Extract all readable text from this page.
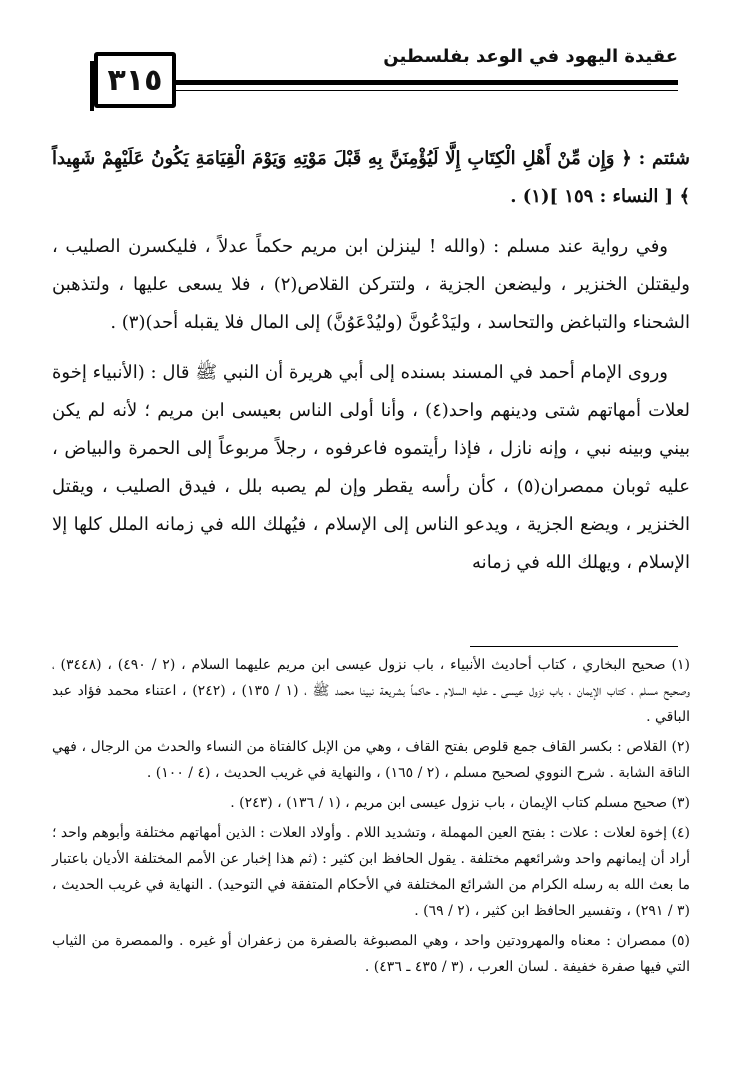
٣١٥
عقيدة اليهود في الوعد بفلسطين

شئتم : ﴿ وَإِن مِّنْ أَهْلِ الْكِتَابِ إِلَّا لَيُؤْمِنَنَّ بِهِ قَبْلَ مَوْتِهِ وَيَوْمَ الْقِيَامَةِ يَكُونُ عَلَيْهِمْ شَهِيداً ﴾ [ النساء : ١٥٩ ](١) .

وفي رواية عند مسلم : (والله ! لينزلن ابن مريم حكماً عدلاً ، فليكسرن الصليب ، وليقتلن الخنزير ، وليضعن الجزية ، ولتتركن القلاص(٢) ، فلا يسعى عليها ، ولتذهبن الشحناء والتباغض والتحاسد ، وليَدْعُونَّ (وليُدْعَوُنَّ) إلى المال فلا يقبله أحد)(٣) .

وروى الإمام أحمد في المسند بسنده إلى أبي هريرة أن النبي ﷺ قال : (الأنبياء إخوة لعلات أمهاتهم شتى ودينهم واحد(٤) ، وأنا أولى الناس بعيسى ابن مريم ؛ لأنه لم يكن بيني وبينه نبي ، وإنه نازل ، فإذا رأيتموه فاعرفوه ، رجلاً مربوعاً إلى الحمرة والبياض ، عليه ثوبان ممصران(٥) ، كأن رأسه يقطر وإن لم يصبه بلل ، فيدق الصليب ، ويقتل الخنزير ، ويضع الجزية ، ويدعو الناس إلى الإسلام ، فيُهلك الله في زمانه الملل كلها إلا الإسلام ، ويهلك الله في زمانه

(١) صحيح البخاري ، كتاب أحاديث الأنبياء ، باب نزول عيسى ابن مريم عليهما السلام ، (٢ / ٤٩٠) ، (٣٤٤٨) ، وصحيح مسلم ، كتاب الإيمان ، باب نزول عيسى ـ عليه السلام ـ حاكماً بشريعة نبينا محمد ﷺ ، (١ / ١٣٥) ، (٢٤٢) ، اعتناء محمد فؤاد عبد الباقي .

(٢) القلاص : بكسر القاف جمع قلوص بفتح القاف ، وهي من الإبل كالفتاة من النساء والحدث من الرجال ، فهي الناقة الشابة . شرح النووي لصحيح مسلم ، (٢ / ١٦٥) ، والنهاية في غريب الحديث ، (٤ / ١٠٠) .

(٣) صحيح مسلم كتاب الإيمان ، باب نزول عيسى ابن مريم ، (١ / ١٣٦) ، (٢٤٣) .

(٤) إخوة لعلات : علات : بفتح العين المهملة ، وتشديد اللام . وأولاد العلات : الذين أمهاتهم مختلفة وأبوهم واحد ؛ أراد أن إيمانهم واحد وشرائعهم مختلفة . يقول الحافظ ابن كثير : (ثم هذا إخبار عن الأمم المختلفة الأديان باعتبار ما بعث الله به رسله الكرام من الشرائع المختلفة في الأحكام المتفقة في التوحيد) . النهاية في غريب الحديث ، (٣ / ٢٩١) ، وتفسير الحافظ ابن كثير ، (٢ / ٦٩) .

(٥) ممصران : معناه والمهرودتين واحد ، وهي المصبوغة بالصفرة من زعفران أو غيره . والممصرة من الثياب التي فيها صفرة خفيفة . لسان العرب ، (٣ / ٤٣٥ ـ ٤٣٦) .
